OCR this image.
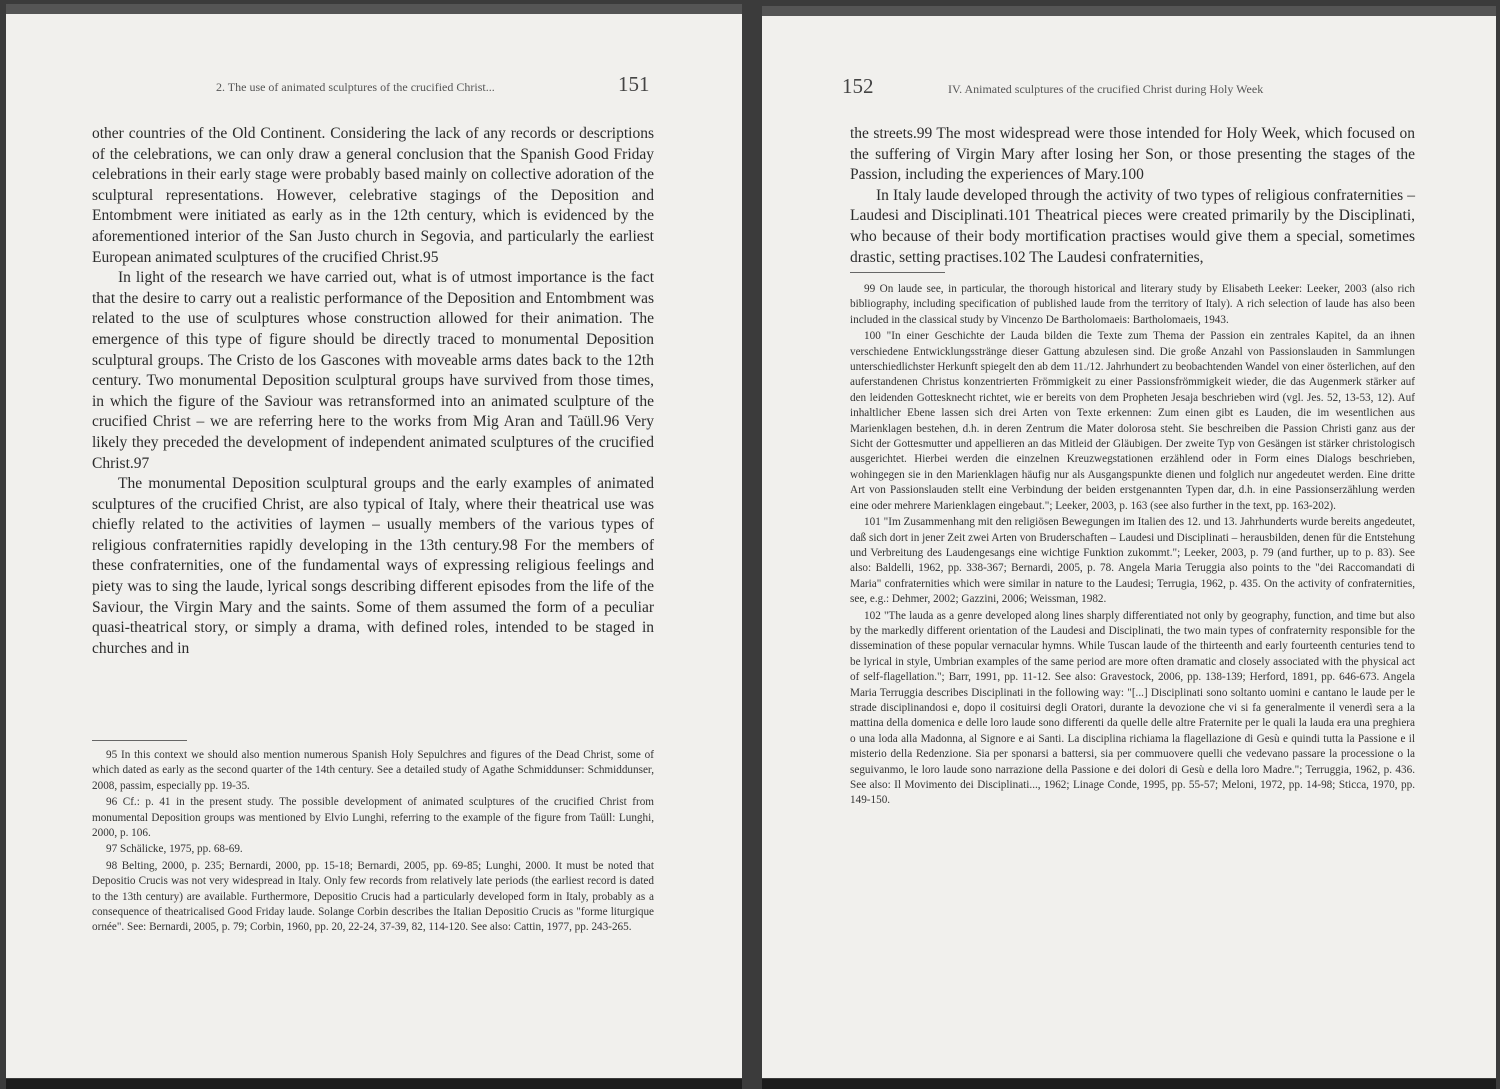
2. The use of animated sculptures of the crucified Christ...	151

other countries of the Old Continent. Considering the lack of any records or descriptions of the celebrations, we can only draw a general conclusion that the Spanish Good Friday celebrations in their early stage were probably based mainly on collective adoration of the sculptural representations. However, celebrative stagings of the Deposition and Entombment were initiated as early as in the 12th century, which is evidenced by the aforementioned interior of the San Justo church in Segovia, and particularly the earliest European animated sculptures of the crucified Christ.95

In light of the research we have carried out, what is of utmost importance is the fact that the desire to carry out a realistic performance of the Deposition and Entombment was related to the use of sculptures whose construction allowed for their animation. The emergence of this type of figure should be directly traced to monumental Deposition sculptural groups. The Cristo de los Gascones with moveable arms dates back to the 12th century. Two monumental Deposition sculptural groups have survived from those times, in which the figure of the Saviour was retransformed into an animated sculpture of the crucified Christ – we are referring here to the works from Mig Aran and Taüll.96 Very likely they preceded the development of independent animated sculptures of the crucified Christ.97

The monumental Deposition sculptural groups and the early examples of animated sculptures of the crucified Christ, are also typical of Italy, where their theatrical use was chiefly related to the activities of laymen – usually members of the various types of religious confraternities rapidly developing in the 13th century.98 For the members of these confraternities, one of the fundamental ways of expressing religious feelings and piety was to sing the laude, lyrical songs describing different episodes from the life of the Saviour, the Virgin Mary and the saints. Some of them assumed the form of a peculiar quasi-theatrical story, or simply a drama, with defined roles, intended to be staged in churches and in

95 In this context we should also mention numerous Spanish Holy Sepulchres and figures of the Dead Christ, some of which dated as early as the second quarter of the 14th century. See a detailed study of Agathe Schmiddunser: Schmiddunser, 2008, passim, especially pp. 19-35.

96 Cf.: p. 41 in the present study. The possible development of animated sculptures of the crucified Christ from monumental Deposition groups was mentioned by Elvio Lunghi, referring to the example of the figure from Taüll: Lunghi, 2000, p. 106.

97 Schälicke, 1975, pp. 68-69.

98 Belting, 2000, p. 235; Bernardi, 2000, pp. 15-18; Bernardi, 2005, pp. 69-85; Lunghi, 2000. It must be noted that Depositio Crucis was not very widespread in Italy. Only few records from relatively late periods (the earliest record is dated to the 13th century) are available. Furthermore, Depositio Crucis had a particularly developed form in Italy, probably as a consequence of theatricalised Good Friday laude. Solange Corbin describes the Italian Depositio Crucis as "forme liturgique ornée". See: Bernardi, 2005, p. 79; Corbin, 1960, pp. 20, 22-24, 37-39, 82, 114-120. See also: Cattin, 1977, pp. 243-265.

152	IV. Animated sculptures of the crucified Christ during Holy Week

the streets.99 The most widespread were those intended for Holy Week, which focused on the suffering of Virgin Mary after losing her Son, or those presenting the stages of the Passion, including the experiences of Mary.100

In Italy laude developed through the activity of two types of religious confraternities – Laudesi and Disciplinati.101 Theatrical pieces were created primarily by the Disciplinati, who because of their body mortification practises would give them a special, sometimes drastic, setting practises.102 The Laudesi confraternities,

99 On laude see, in particular, the thorough historical and literary study by Elisabeth Leeker: Leeker, 2003 (also rich bibliography, including specification of published laude from the territory of Italy). A rich selection of laude has also been included in the classical study by Vincenzo De Bartholomaeis: Bartholomaeis, 1943.

100 "In einer Geschichte der Lauda bilden die Texte zum Thema der Passion ein zentrales Kapitel, da an ihnen verschiedene Entwicklungsstränge dieser Gattung abzulesen sind. Die große Anzahl von Passionslauden in Sammlungen unterschiedlichster Herkunft spiegelt den ab dem 11./12. Jahrhundert zu beobachtenden Wandel von einer österlichen, auf den auferstandenen Christus konzentrierten Frömmigkeit zu einer Passionsfrömmigkeit wieder, die das Augenmerk stärker auf den leidenden Gottesknecht richtet, wie er bereits von dem Propheten Jesaja beschrieben wird (vgl. Jes. 52, 13-53, 12). Auf inhaltlicher Ebene lassen sich drei Arten von Texte erkennen: Zum einen gibt es Lauden, die im wesentlichen aus Marienklagen bestehen, d.h. in deren Zentrum die Mater dolorosa steht. Sie beschreiben die Passion Christi ganz aus der Sicht der Gottesmutter und appellieren an das Mitleid der Gläubigen. Der zweite Typ von Gesängen ist stärker christologisch ausgerichtet. Hierbei werden die einzelnen Kreuzwegstationen erzählend oder in Form eines Dialogs beschrieben, wohingegen sie in den Marienklagen häufig nur als Ausgangspunkte dienen und folglich nur angedeutet werden. Eine dritte Art von Passionslauden stellt eine Verbindung der beiden erstgenannten Typen dar, d.h. in eine Passionserzählung werden eine oder mehrere Marienklagen eingebaut."; Leeker, 2003, p. 163 (see also further in the text, pp. 163-202).

101 "Im Zusammenhang mit den religiösen Bewegungen im Italien des 12. und 13. Jahrhunderts wurde bereits angedeutet, daß sich dort in jener Zeit zwei Arten von Bruderschaften – Laudesi und Disciplinati – herausbilden, denen für die Entstehung und Verbreitung des Laudengesangs eine wichtige Funktion zukommt."; Leeker, 2003, p. 79 (and further, up to p. 83). See also: Baldelli, 1962, pp. 338-367; Bernardi, 2005, p. 78. Angela Maria Teruggia also points to the "dei Raccomandati di Maria" confraternities which were similar in nature to the Laudesi; Terrugia, 1962, p. 435. On the activity of confraternities, see, e.g.: Dehmer, 2002; Gazzini, 2006; Weissman, 1982.

102 "The lauda as a genre developed along lines sharply differentiated not only by geography, function, and time but also by the markedly different orientation of the Laudesi and Disciplinati, the two main types of confraternity responsible for the dissemination of these popular vernacular hymns. While Tuscan laude of the thirteenth and early fourteenth centuries tend to be lyrical in style, Umbrian examples of the same period are more often dramatic and closely associated with the physical act of self-flagellation."; Barr, 1991, pp. 11-12. See also: Gravestock, 2006, pp. 138-139; Herford, 1891, pp. 646-673. Angela Maria Terruggia describes Disciplinati in the following way: "[...] Disciplinati sono soltanto uomini e cantano le laude per le strade disciplinandosi e, dopo il cosituirsi degli Oratori, durante la devozione che vi si fa generalmente il venerdì sera a la mattina della domenica e delle loro laude sono differenti da quelle delle altre Fraternite per le quali la lauda era una preghiera o una loda alla Madonna, al Signore e ai Santi. La disciplina richiama la flagellazione di Gesù e quindi tutta la Passione e il misterio della Redenzione. Sia per sponarsi a battersi, sia per commuovere quelli che vedevano passare la processione o la seguivanmo, le loro laude sono narrazione della Passione e dei dolori di Gesù e della loro Madre."; Terruggia, 1962, p. 436. See also: Il Movimento dei Disciplinati..., 1962; Linage Conde, 1995, pp. 55-57; Meloni, 1972, pp. 14-98; Sticca, 1970, pp. 149-150.
